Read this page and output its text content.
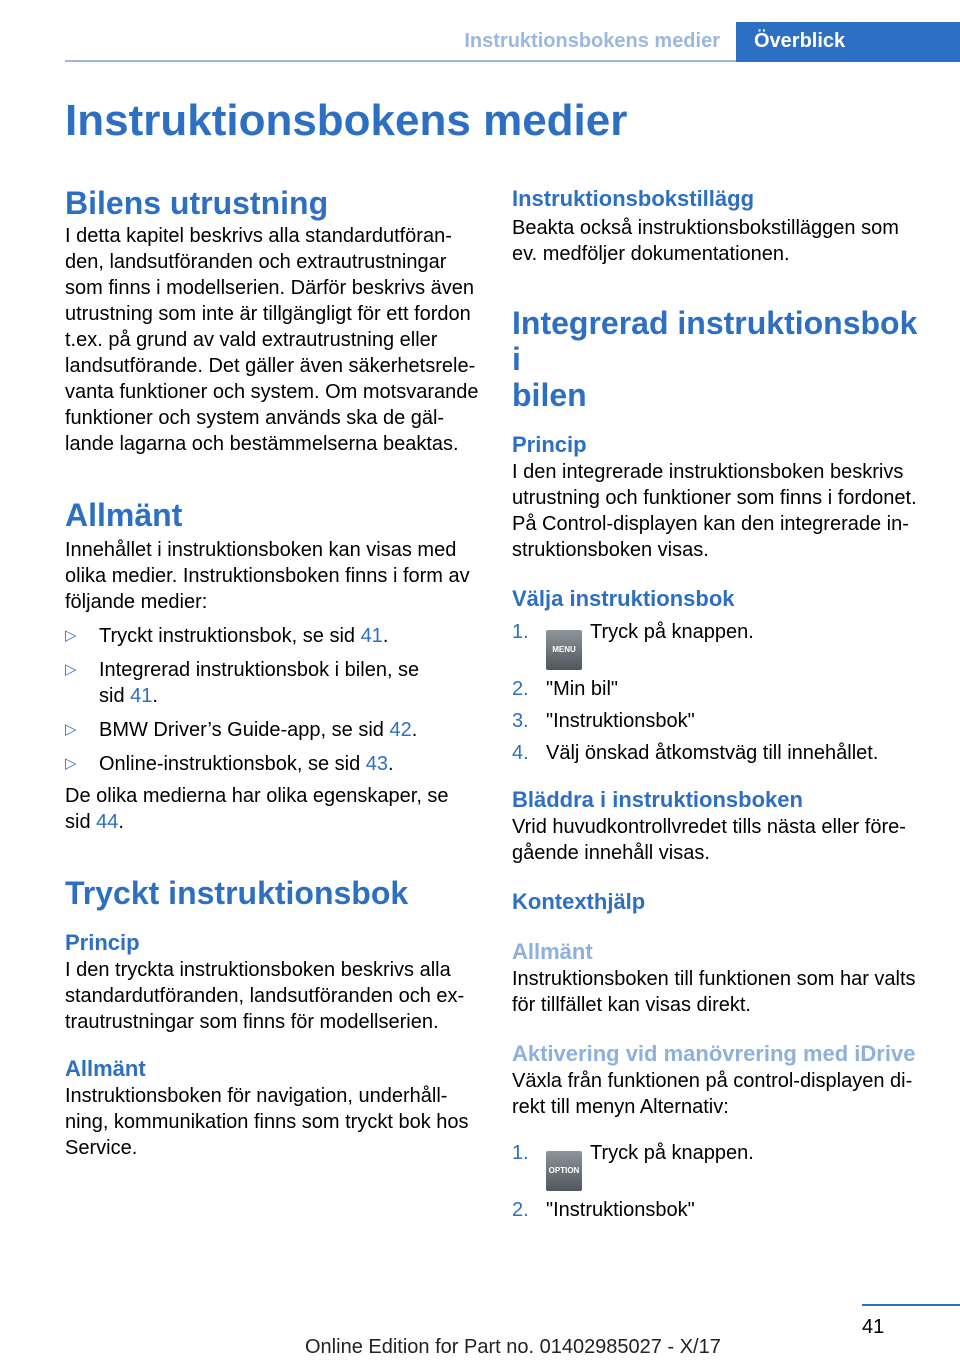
Instruktionsbokens medier	Överblick
Instruktionsbokens medier
Bilens utrustning

I detta kapitel beskrivs alla standardutföran-
den, landsutföranden och extrautrustningar
som finns i modellserien. Därför beskrivs även
utrustning som inte är tillgängligt för ett fordon
t.ex. på grund av vald extrautrustning eller
landsutförande. Det gäller även säkerhetsrele-
vanta funktioner och system. Om motsvarande
funktioner och system används ska de gäl-
lande lagarna och bestämmelserna beaktas.

Allmänt

Innehållet i instruktionsboken kan visas med
olika medier. Instruktionsboken finns i form av
följande medier:

▷ Tryckt instruktionsbok, se sid 41.
▷ Integrerad instruktionsbok i bilen, se
sid 41.
▷ BMW Driver’s Guide-app, se sid 42.
▷ Online-instruktionsbok, se sid 43.

De olika medierna har olika egenskaper, se
sid 44.

Tryckt instruktionsbok
Princip

I den tryckta instruktionsboken beskrivs alla
standardutföranden, landsutföranden och ex-
trautrustningar som finns för modellserien.

Allmänt

Instruktionsboken för navigation, underhåll-
ning, kommunikation finns som tryckt bok hos
Service.

Instruktionsbokstillägg

Beakta också instruktionsbokstilläggen som
ev. medföljer dokumentationen.

Integrerad instruktionsbok i
bilen
Princip

I den integrerade instruktionsboken beskrivs
utrustning och funktioner som finns i fordonet.
På Control-displayen kan den integrerade in-
struktionsboken visas.

Välja instruktionsbok
1.
MENUTryck på knappen.
2. "Min bil"
3. "Instruktionsbok"
4. Välj önskad åtkomstväg till innehållet.
Bläddra i instruktionsboken

Vrid huvudkontrollvredet tills nästa eller före-
gående innehåll visas.

Kontexthjälp
Allmänt

Instruktionsboken till funktionen som har valts
för tillfället kan visas direkt.

Aktivering vid manövrering med iDrive

Växla från funktionen på control-displayen di-
rekt till menyn Alternativ:

1.
OPTIONTryck på knappen.
2. "Instruktionsbok"
41
Online Edition for Part no. 01402985027 - X/17
